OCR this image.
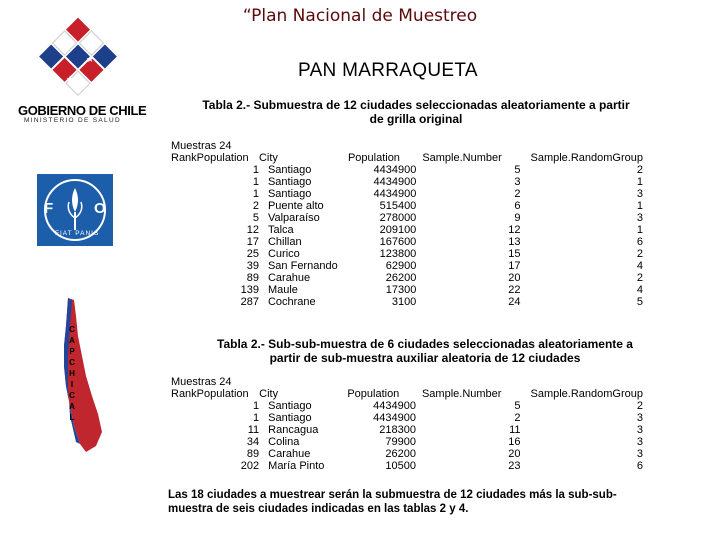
“Plan Nacional de Muestreo
PAN MARRAQUETA
★
★
★
GOBIERNO DE CHILE
MINISTERIO DE SALUD
F	O
FIAT PANIS
C
A
P
C
H
I
C
A
L
Tabla 2.- Submuestra de 12 ciudades seleccionadas aleatoriamente a partir
de grilla original
Muestras 24
RankPopulation	City	Population	Sample.Number	Sample.RandomGroup
1	Santiago	4434900	5	2
1	Santiago	4434900	3	1
1	Santiago	4434900	2	3
2	Puente alto	515400	6	1
5	Valparaíso	278000	9	3
12	Talca	209100	12	1
17	Chillan	167600	13	6
25	Curico	123800	15	2
39	San Fernando	62900	17	4
89	Carahue	26200	20	2
139	Maule	17300	22	4
287	Cochrane	3100	24	5
Tabla 2.- Sub-sub-muestra de 6 ciudades seleccionadas aleatoriamente a
partir de sub-muestra auxiliar aleatoria de 12 ciudades
Muestras 24
RankPopulation	City	Population	Sample.Number	Sample.RandomGroup
1	Santiago	4434900	5	2
1	Santiago	4434900	2	3
11	Rancagua	218300	11	3
34	Colina	79900	16	3
89	Carahue	26200	20	3
202	María Pinto	10500	23	6
Las 18 ciudades a muestrear serán la submuestra de 12 ciudades más la sub-sub-
muestra de seis ciudades indicadas en las tablas 2 y 4.
